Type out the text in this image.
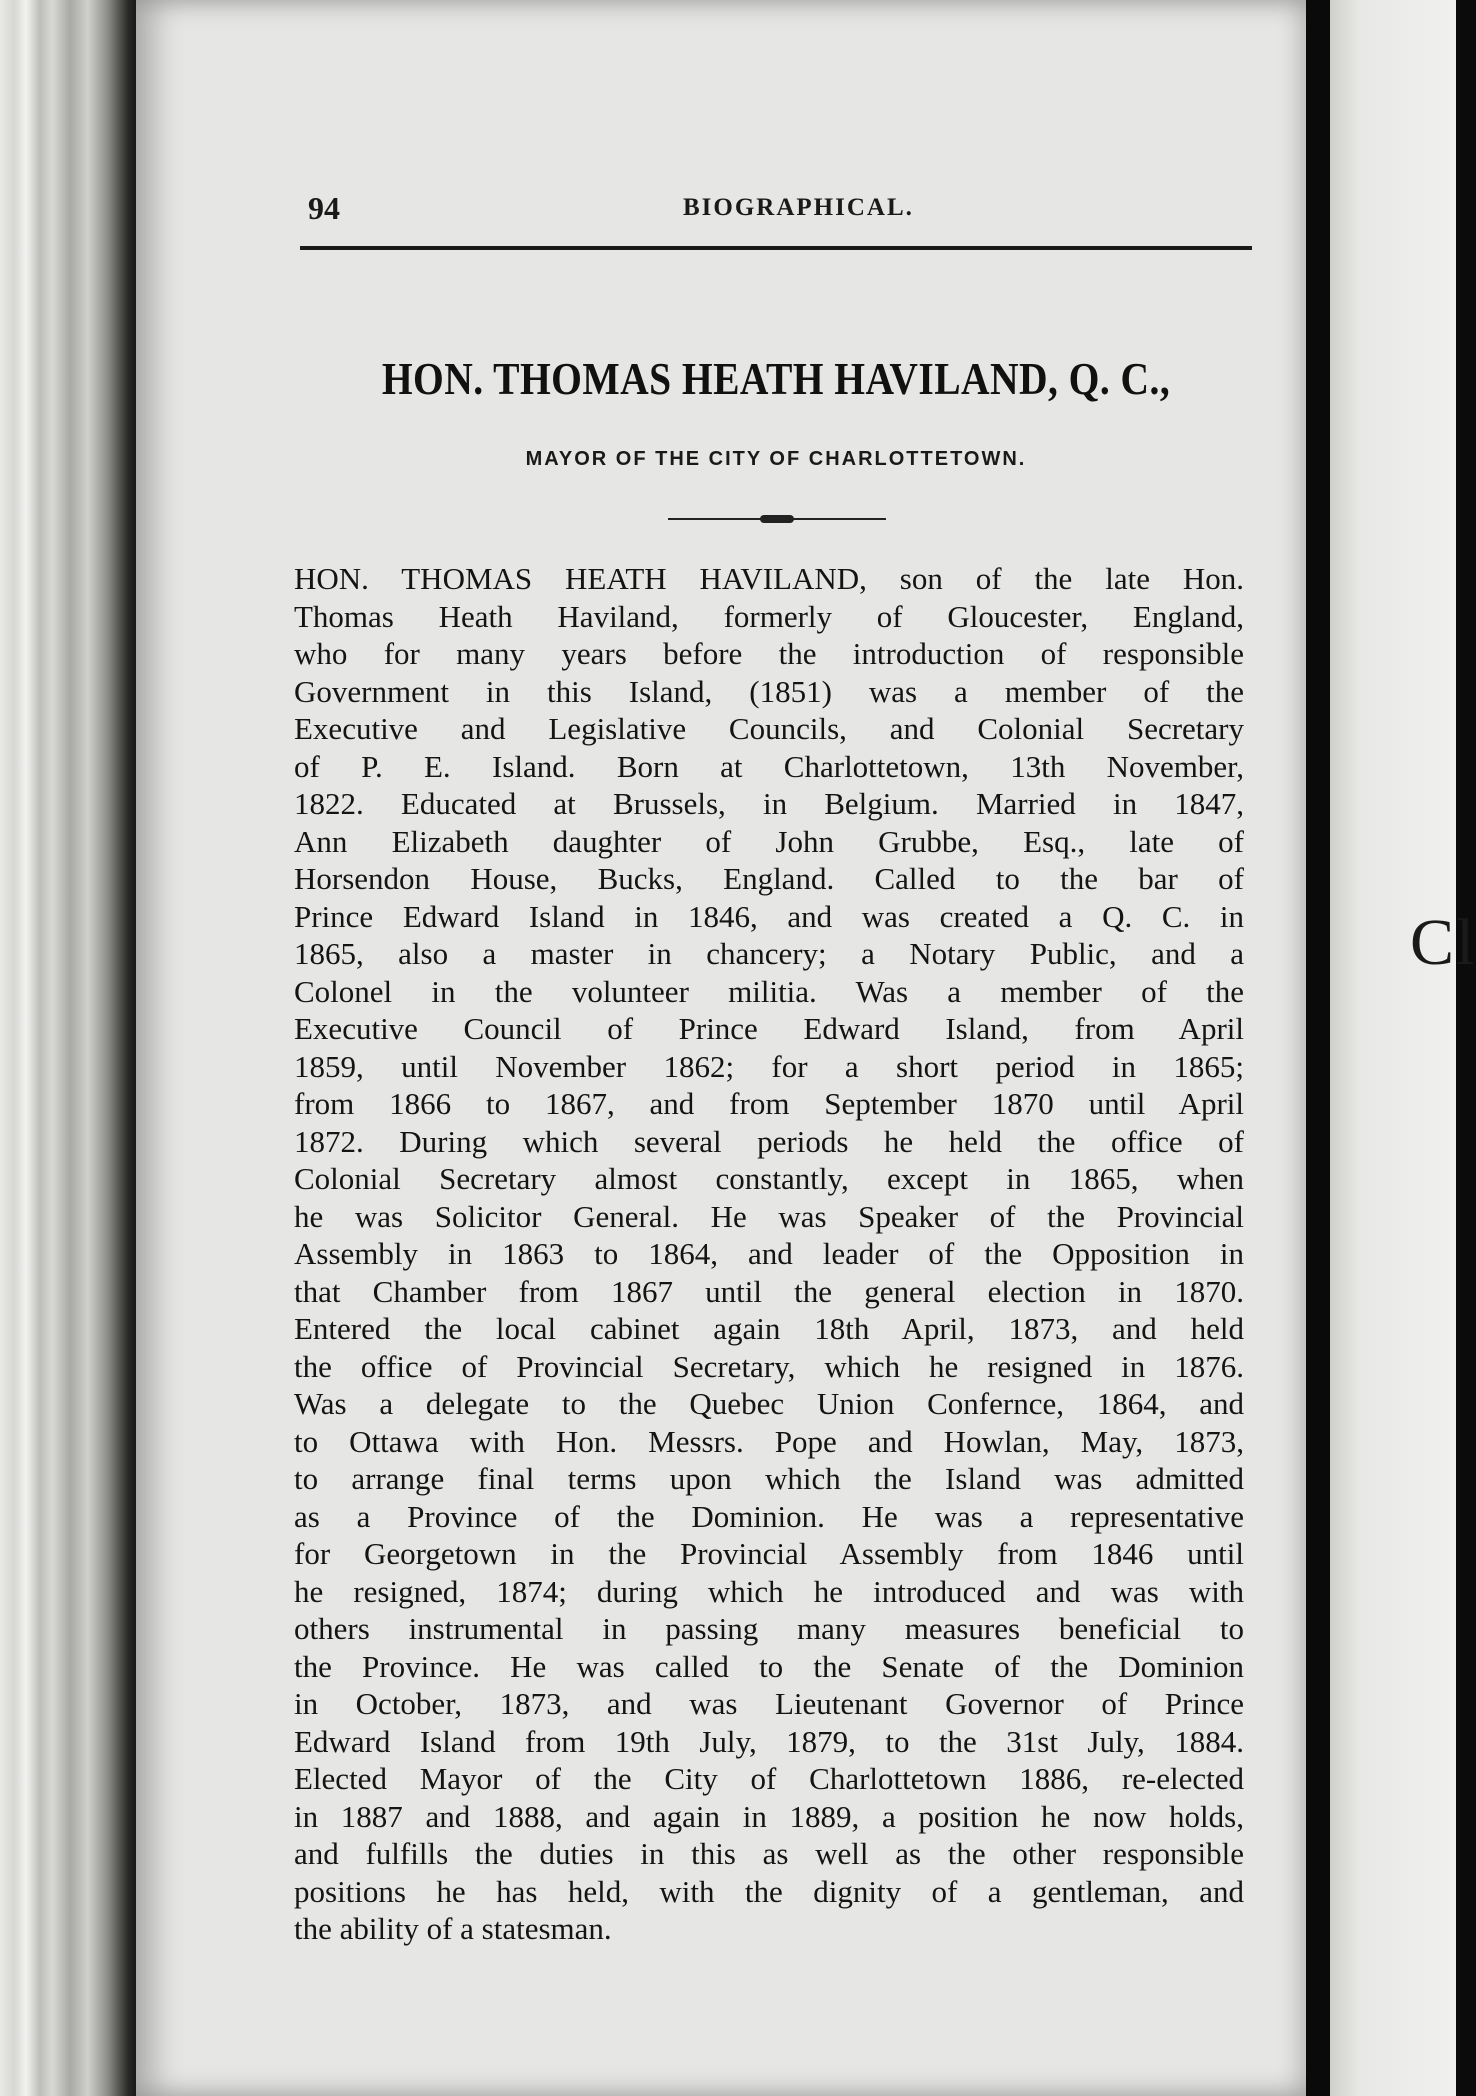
Cl
94	BIOGRAPHICAL.
HON. THOMAS HEATH HAVILAND, Q. C.,
MAYOR OF THE CITY OF CHARLOTTETOWN.
HON. THOMAS HEATH HAVILAND, son of the late Hon.
Thomas Heath Haviland, formerly of Gloucester, England,
who for many years before the introduction of responsible
Government in this Island, (1851) was a member of the
Executive and Legislative Councils, and Colonial Secretary
of P. E. Island. Born at Charlottetown, 13th November,
1822. Educated at Brussels, in Belgium. Married in 1847,
Ann Elizabeth daughter of John Grubbe, Esq., late of
Horsendon House, Bucks, England. Called to the bar of
Prince Edward Island in 1846, and was created a Q. C. in
1865, also a master in chancery; a Notary Public, and a
Colonel in the volunteer militia. Was a member of the
Executive Council of Prince Edward Island, from April
1859, until November 1862; for a short period in 1865;
from 1866 to 1867, and from September 1870 until April
1872. During which several periods he held the office of
Colonial Secretary almost constantly, except in 1865, when
he was Solicitor General. He was Speaker of the Provincial
Assembly in 1863 to 1864, and leader of the Opposition in
that Chamber from 1867 until the general election in 1870.
Entered the local cabinet again 18th April, 1873, and held
the office of Provincial Secretary, which he resigned in 1876.
Was a delegate to the Quebec Union Confernce, 1864, and
to Ottawa with Hon. Messrs. Pope and Howlan, May, 1873,
to arrange final terms upon which the Island was admitted
as a Province of the Dominion. He was a representative
for Georgetown in the Provincial Assembly from 1846 until
he resigned, 1874; during which he introduced and was with
others instrumental in passing many measures beneficial to
the Province. He was called to the Senate of the Dominion
in October, 1873, and was Lieutenant Governor of Prince
Edward Island from 19th July, 1879, to the 31st July, 1884.
Elected Mayor of the City of Charlottetown 1886, re-elected
in 1887 and 1888, and again in 1889, a position he now holds,
and fulfills the duties in this as well as the other responsible
positions he has held, with the dignity of a gentleman, and
the ability of a statesman.
